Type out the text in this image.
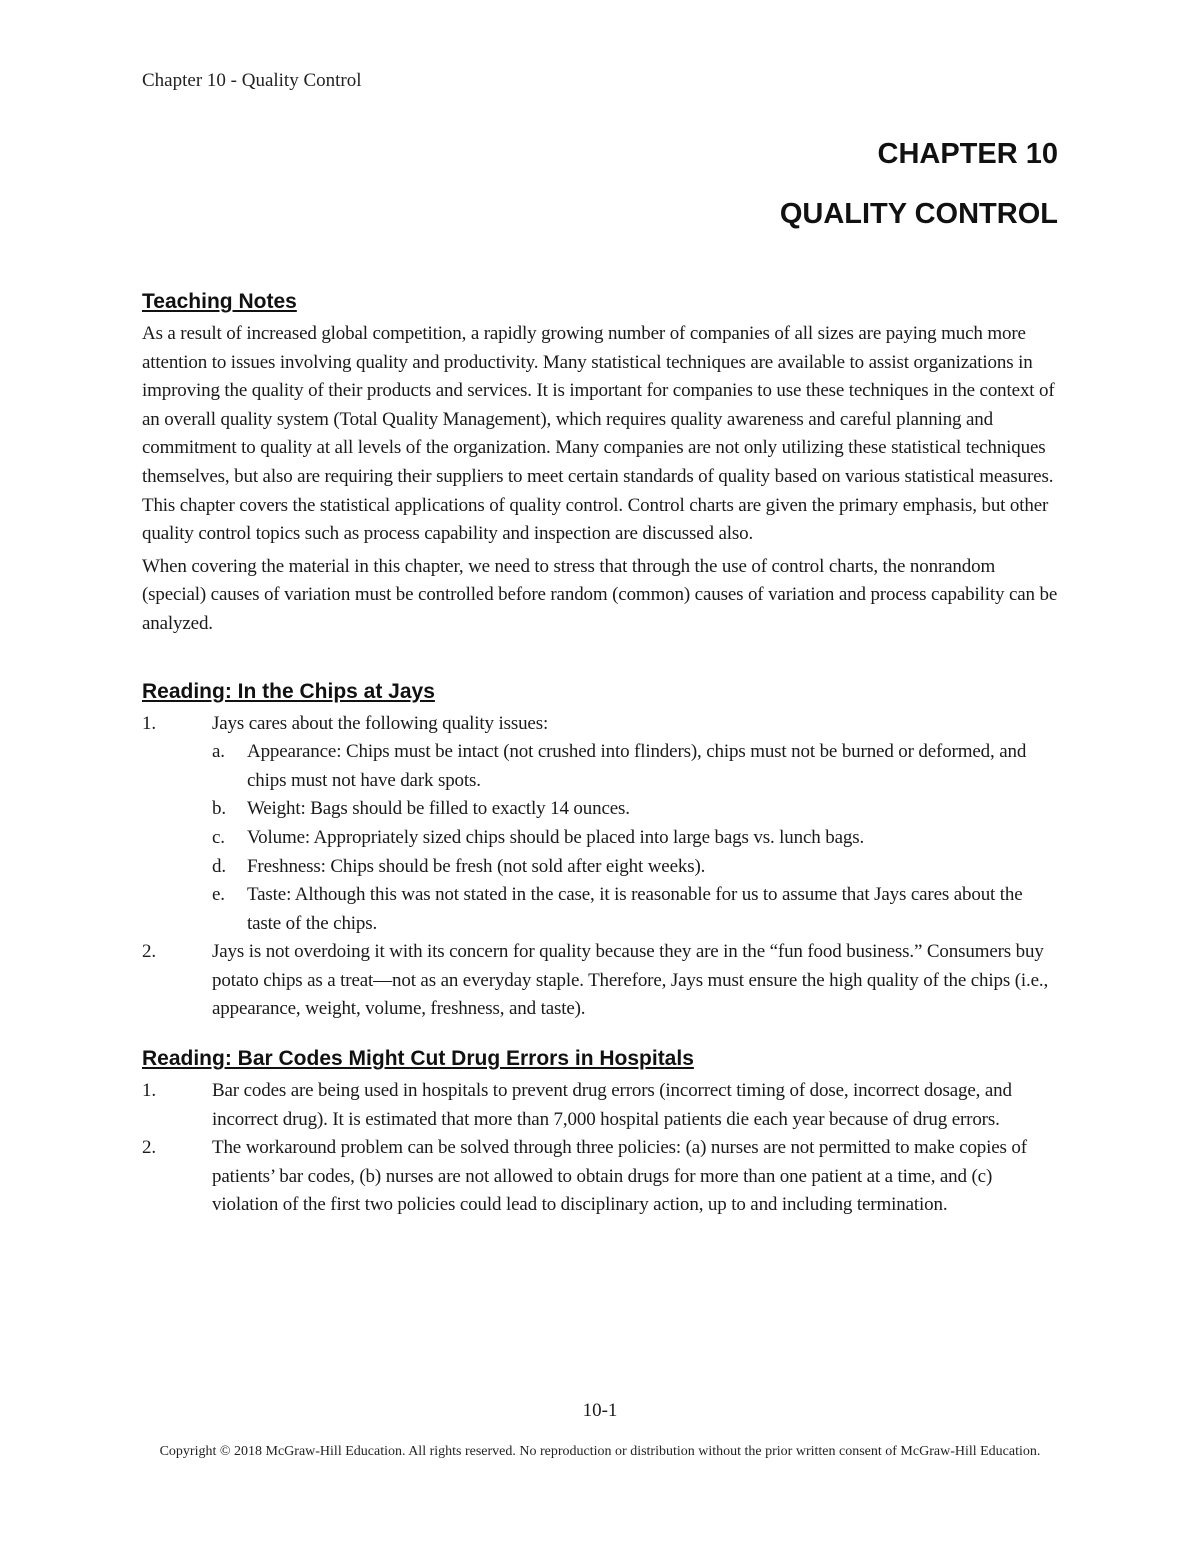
Chapter 10 - Quality Control
CHAPTER 10
QUALITY CONTROL
Teaching Notes

As a result of increased global competition, a rapidly growing number of companies of all sizes are paying much more attention to issues involving quality and productivity. Many statistical techniques are available to assist organizations in improving the quality of their products and services. It is important for companies to use these techniques in the context of an overall quality system (Total Quality Management), which requires quality awareness and careful planning and commitment to quality at all levels of the organization. Many companies are not only utilizing these statistical techniques themselves, but also are requiring their suppliers to meet certain standards of quality based on various statistical measures. This chapter covers the statistical applications of quality control. Control charts are given the primary emphasis, but other quality control topics such as process capability and inspection are discussed also.

When covering the material in this chapter, we need to stress that through the use of control charts, the nonrandom (special) causes of variation must be controlled before random (common) causes of variation and process capability can be analyzed.

Reading: In the Chips at Jays
1.	Jays cares about the following quality issues:
a. Appearance: Chips must be intact (not crushed into flinders), chips must not be burned or deformed, and chips must not have dark spots.
b. Weight: Bags should be filled to exactly 14 ounces.
c. Volume: Appropriately sized chips should be placed into large bags vs. lunch bags.
d. Freshness: Chips should be fresh (not sold after eight weeks).
e. Taste: Although this was not stated in the case, it is reasonable for us to assume that Jays cares about the taste of the chips.
2.	Jays is not overdoing it with its concern for quality because they are in the “fun food business.” Consumers buy potato chips as a treat—not as an everyday staple. Therefore, Jays must ensure the high quality of the chips (i.e., appearance, weight, volume, freshness, and taste).
Reading: Bar Codes Might Cut Drug Errors in Hospitals
1.	Bar codes are being used in hospitals to prevent drug errors (incorrect timing of dose, incorrect dosage, and incorrect drug). It is estimated that more than 7,000 hospital patients die each year because of drug errors.
2.	The workaround problem can be solved through three policies: (a) nurses are not permitted to make copies of patients’ bar codes, (b) nurses are not allowed to obtain drugs for more than one patient at a time, and (c) violation of the first two policies could lead to disciplinary action, up to and including termination.
10-1
Copyright © 2018 McGraw-Hill Education. All rights reserved. No reproduction or distribution without the prior written consent of McGraw-Hill Education.
